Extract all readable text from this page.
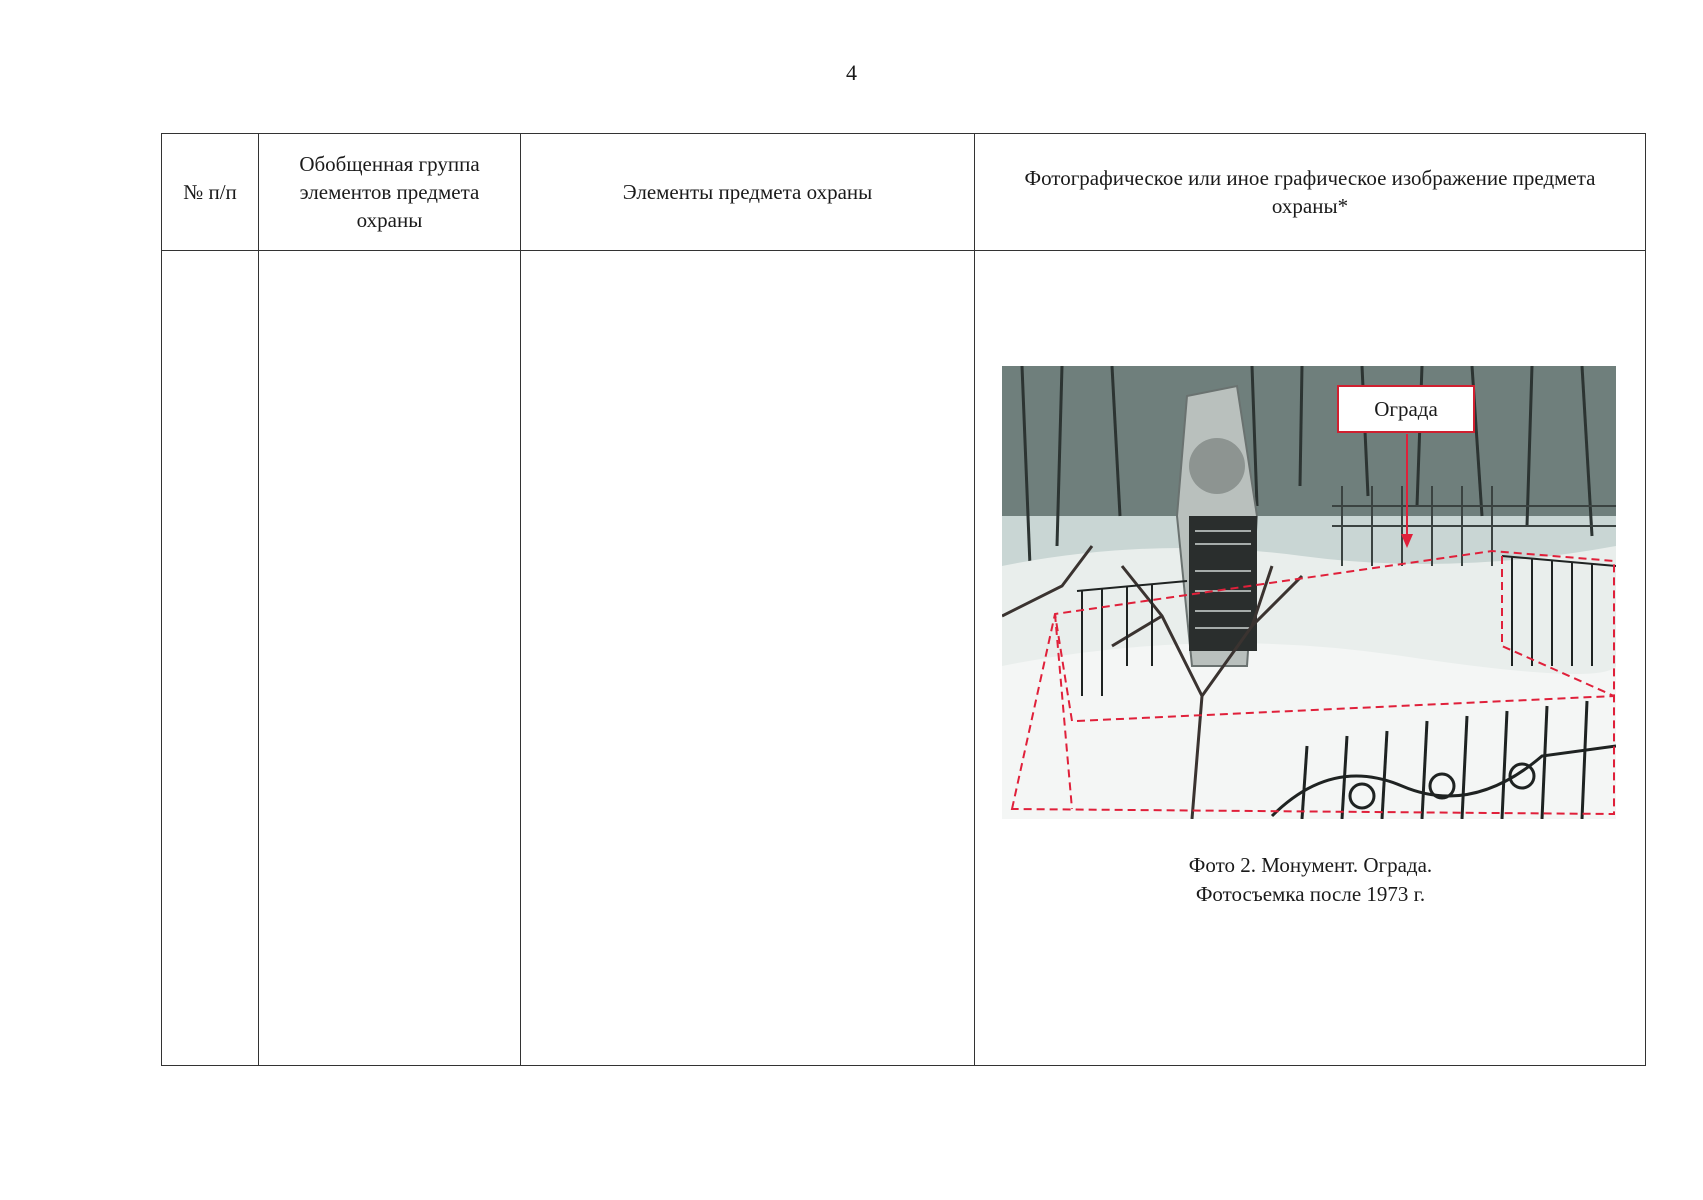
4
№ п/п	Обобщенная группа элементов предмета охраны	Элементы предмета охраны	Фотографическое или иное графическое изображение предмета охраны*

			Ограда
Фото 2. Монумент. Ограда.
Фотосъемка после 1973 г.
